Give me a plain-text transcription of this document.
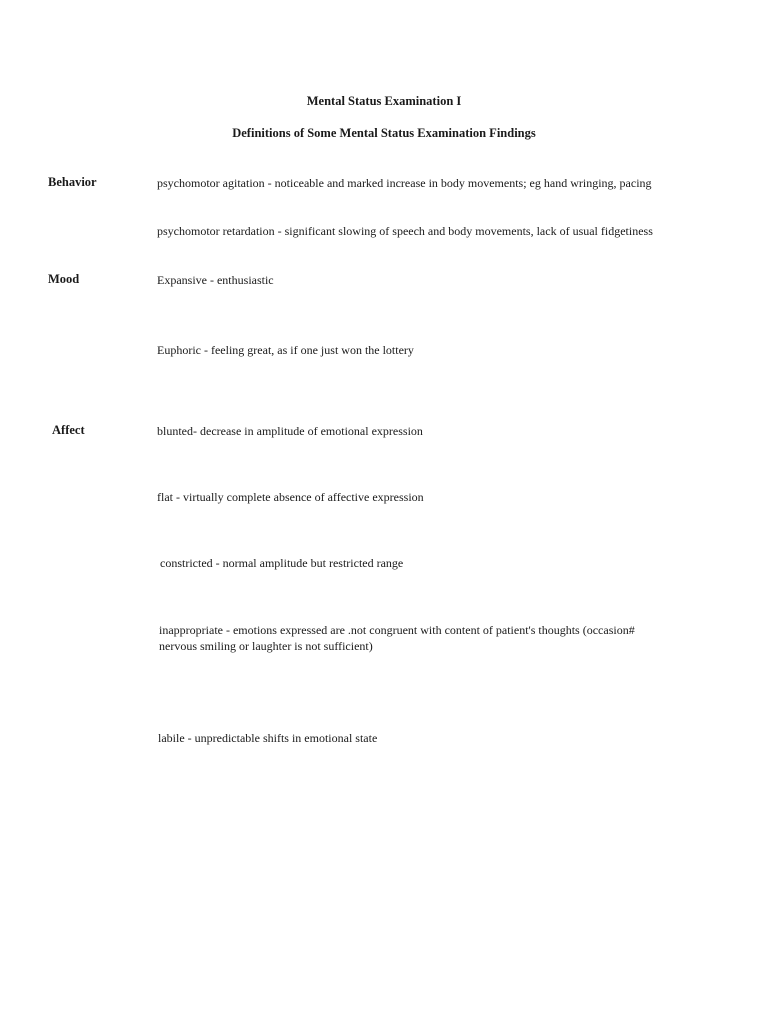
Mental Status Examination I
Definitions of Some Mental Status Examination Findings
Behavior	psychomotor agitation - noticeable and marked increase in body movements; eg hand wringing, pacing
psychomotor retardation - significant slowing of speech and body movements, lack of usual fidgetiness
Mood	Expansive - enthusiastic
Euphoric - feeling great, as if one just won the lottery
Affect	blunted- decrease in amplitude of emotional expression
flat - virtually complete absence of affective expression
constricted - normal amplitude but restricted range
inappropriate - emotions expressed are .not congruent with content of patient's thoughts (occasion# nervous smiling or laughter is not sufficient)
labile - unpredictable shifts in emotional state
